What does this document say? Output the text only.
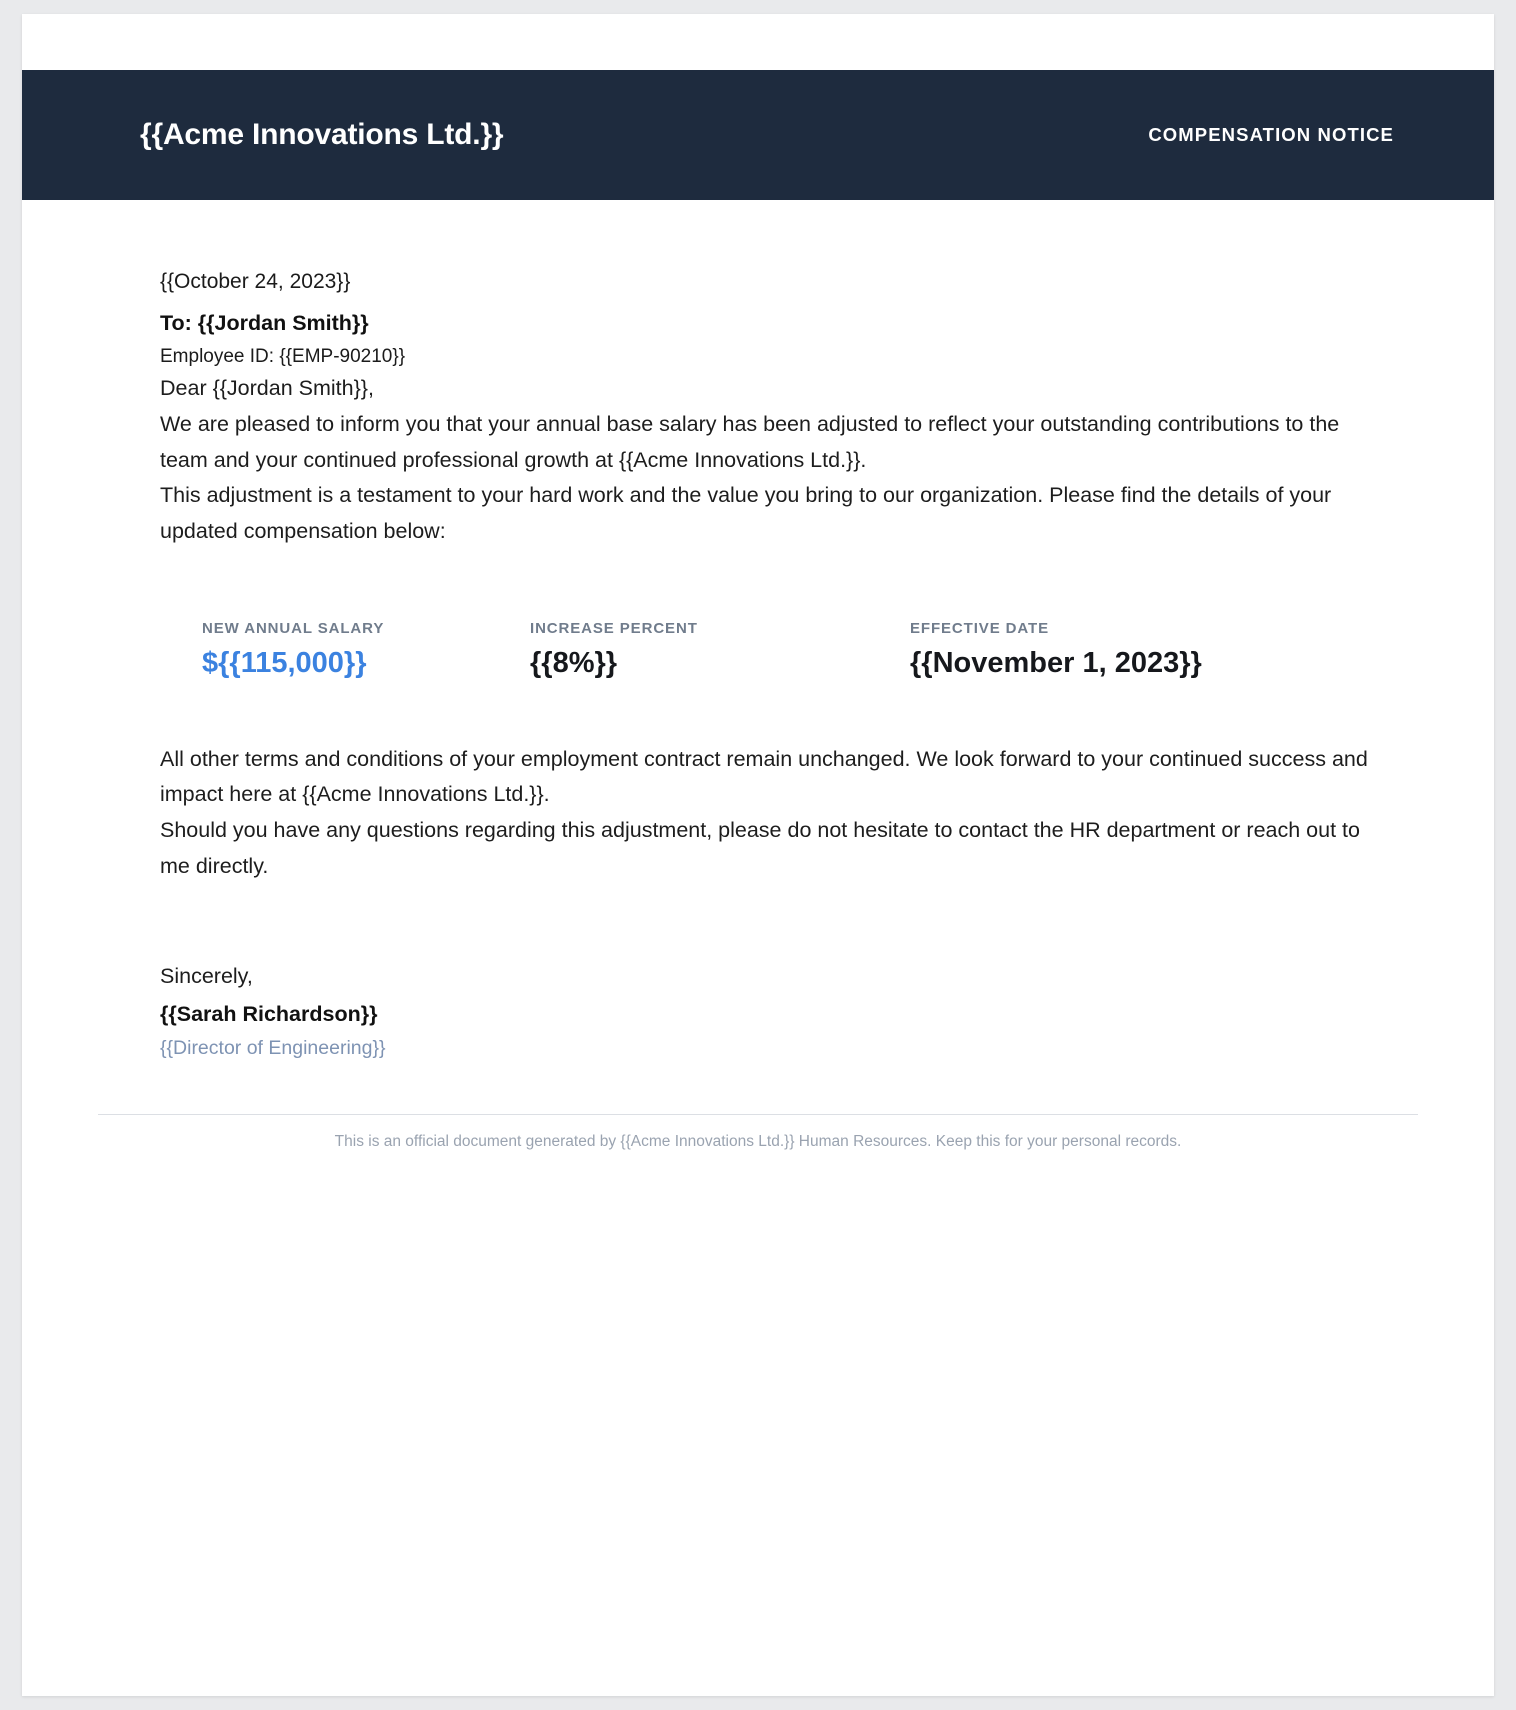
{{Acme Innovations Ltd.}}	COMPENSATION NOTICE
{{October 24, 2023}}
To: {{Jordan Smith}}
Employee ID: {{EMP-90210}}

Dear {{Jordan Smith}},

We are pleased to inform you that your annual base salary has been adjusted to reflect your outstanding contributions to the team and your continued professional growth at {{Acme Innovations Ltd.}}.

This adjustment is a testament to your hard work and the value you bring to our organization. Please find the details of your updated compensation below:

NEW ANNUAL SALARY
${{115,000}}
INCREASE PERCENT
{{8%}}
EFFECTIVE DATE
{{November 1, 2023}}

All other terms and conditions of your employment contract remain unchanged. We look forward to your continued success and impact here at {{Acme Innovations Ltd.}}.

Should you have any questions regarding this adjustment, please do not hesitate to contact the HR department or reach out to me directly.

Sincerely,

{{Sarah Richardson}}
{{Director of Engineering}}
This is an official document generated by {{Acme Innovations Ltd.}} Human Resources. Keep this for your personal records.
